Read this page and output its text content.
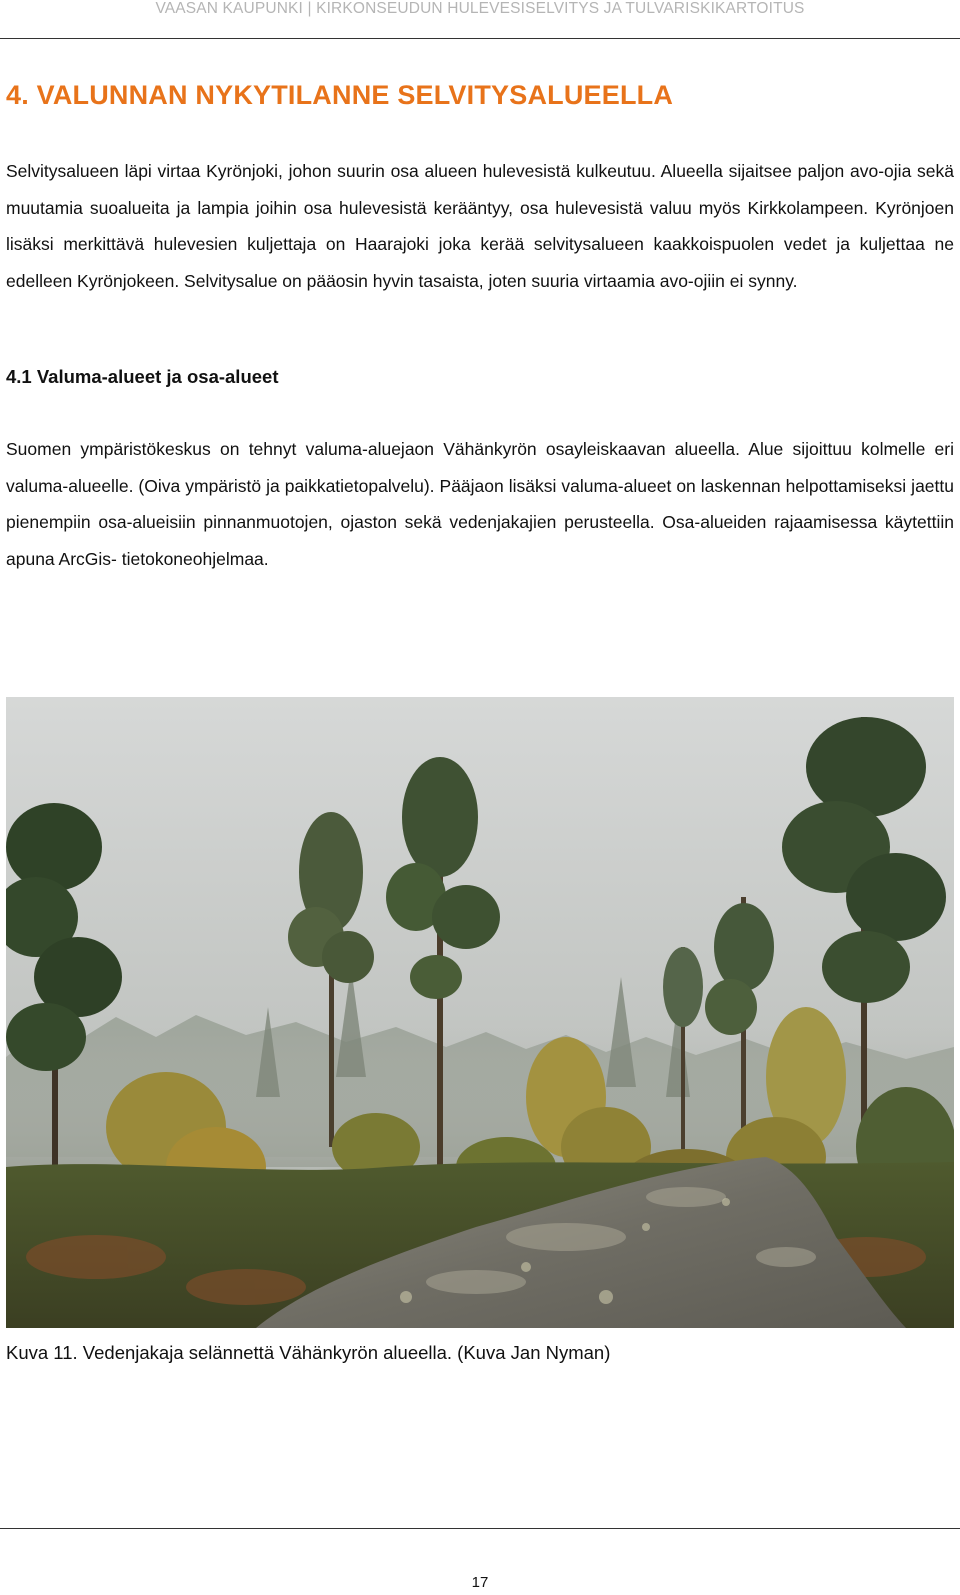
VAASAN KAUPUNKI | KIRKONSEUDUN HULEVESISELVITYS JA TULVARISKIKARTOITUS
4. VALUNNAN NYKYTILANNE SELVITYSALUEELLA

Selvitysalueen läpi virtaa Kyrönjoki, johon suurin osa alueen hulevesistä kulkeutuu. Alueella sijaitsee paljon avo-ojia sekä muutamia suoalueita ja lampia joihin osa hulevesistä kerääntyy, osa hulevesistä valuu myös Kirkkolampeen. Kyrönjoen lisäksi merkittävä hulevesien kuljettaja on Haarajoki joka kerää selvitysalueen kaakkoispuolen vedet ja kuljettaa ne edelleen Kyrönjokeen. Selvitysalue on pääosin hyvin tasaista, joten suuria virtaamia avo-ojiin ei synny.

4.1 Valuma-alueet ja osa-alueet

Suomen ympäristökeskus on tehnyt valuma-aluejaon Vähänkyrön osayleiskaavan alueella. Alue sijoittuu kolmelle eri valuma-alueelle. (Oiva ympäristö ja paikkatietopalvelu). Pääjaon lisäksi valuma-alueet on laskennan helpottamiseksi jaettu pienempiin osa-alueisiin pinnanmuotojen, ojaston sekä vedenjakajien perusteella. Osa-alueiden rajaamisessa käytettiin apuna ArcGis- tietokoneohjelmaa.

Kuva 11. Vedenjakaja selännettä Vähänkyrön alueella. (Kuva Jan Nyman)

17
